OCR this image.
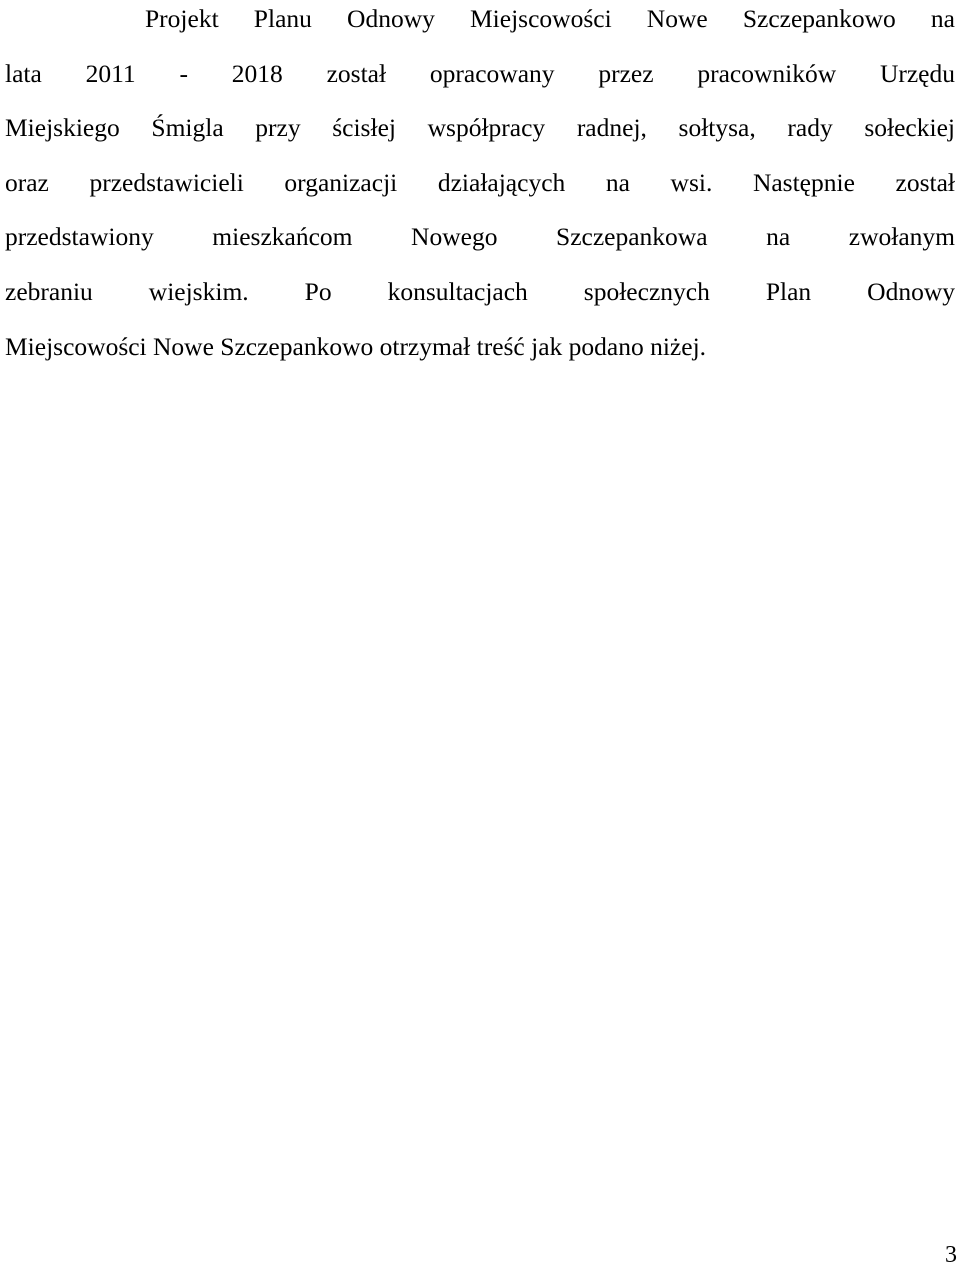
Projekt Planu Odnowy Miejscowości Nowe Szczepankowo na
lata 2011 - 2018 został opracowany przez pracowników Urzędu
Miejskiego Śmigla przy ścisłej współpracy radnej, sołtysa, rady sołeckiej
oraz przedstawicieli organizacji działających na wsi. Następnie został
przedstawiony mieszkańcom Nowego Szczepankowa na zwołanym
zebraniu wiejskim. Po konsultacjach społecznych Plan Odnowy
Miejscowości Nowe Szczepankowo otrzymał treść jak podano niżej.

3
